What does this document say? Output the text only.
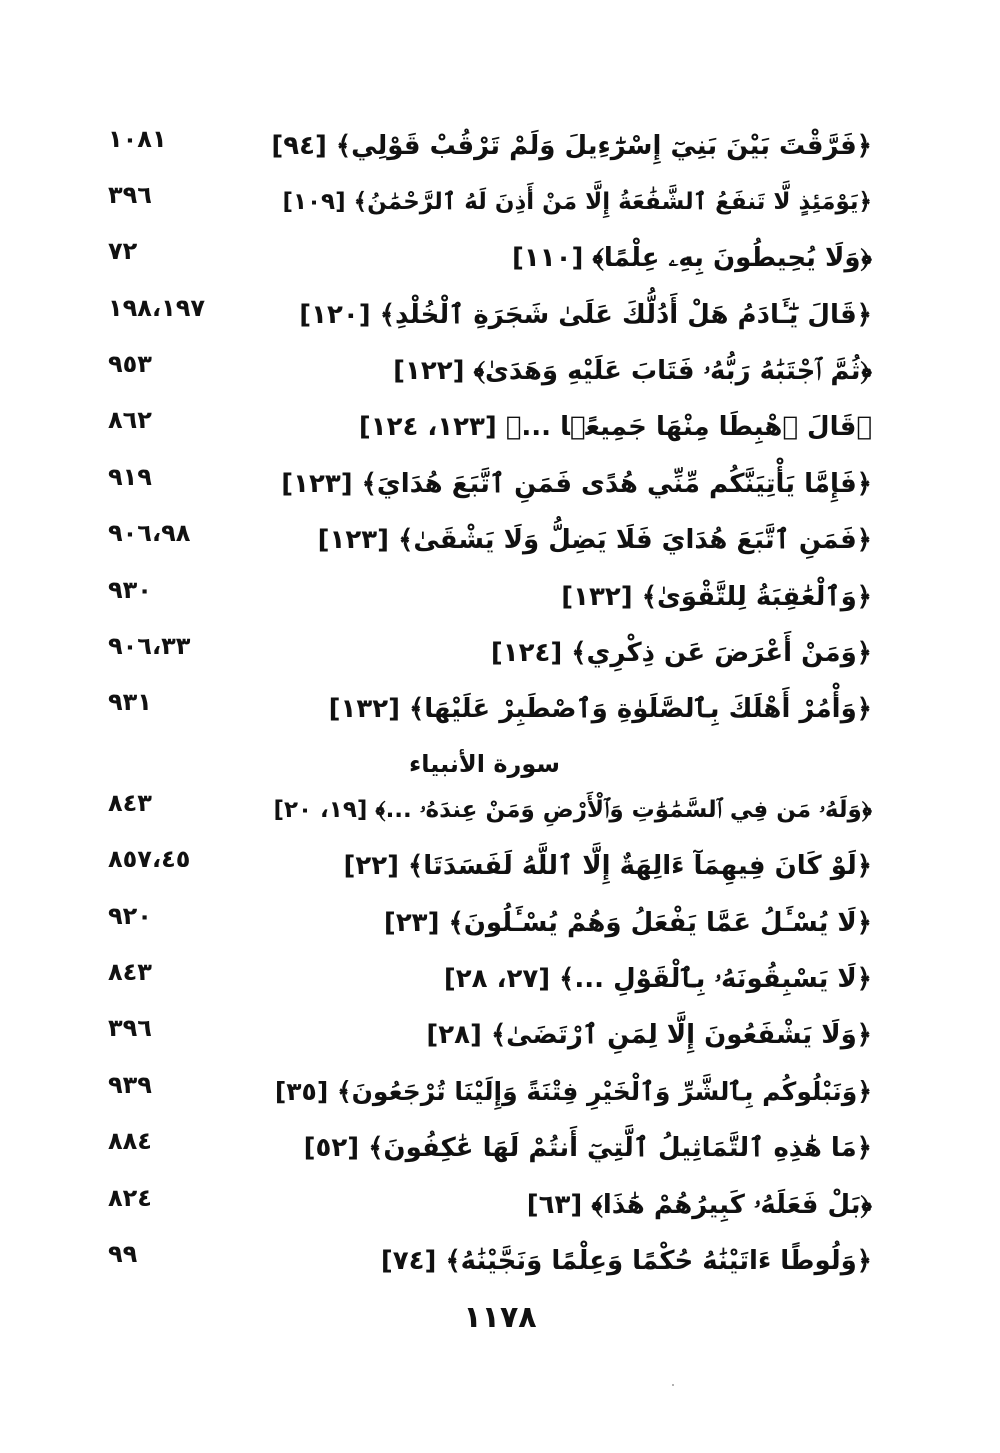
﴿فَرَّقْتَ بَيْنَ بَنِيٓ إِسْرَٰٓءِيلَ وَلَمْ تَرْقُبْ قَوْلِي﴾ [٩٤]
١٠٨١
﴿يَوْمَئِذٍ لَّا تَنفَعُ ٱلشَّفَٰعَةُ إِلَّا مَنْ أَذِنَ لَهُ ٱلرَّحْمَٰنُ﴾ [١٠٩]
٣٩٦
﴿وَلَا يُحِيطُونَ بِهِۦ عِلْمًا﴾ [١١٠]
٧٢
﴿قَالَ يَٰٓـَٔادَمُ هَلْ أَدُلُّكَ عَلَىٰ شَجَرَةِ ٱلْخُلْدِ﴾ [١٢٠]
١٩٨،١٩٧
﴿ثُمَّ ٱجْتَبَٰهُ رَبُّهُۥ فَتَابَ عَلَيْهِ وَهَدَىٰ﴾ [١٢٢]
٩٥٣
﴿قَالَ ٱهْبِطَا مِنْهَا جَمِيعًۢا ...﴾ [١٢٣، ١٢٤]
٨٦٢
﴿فَإِمَّا يَأْتِيَنَّكُم مِّنِّي هُدًى فَمَنِ ٱتَّبَعَ هُدَايَ﴾ [١٢٣]
٩١٩
﴿فَمَنِ ٱتَّبَعَ هُدَايَ فَلَا يَضِلُّ وَلَا يَشْقَىٰ﴾ [١٢٣]
٩٠٦،٩٨
﴿وَٱلْعَٰقِبَةُ لِلتَّقْوَىٰ﴾ [١٣٢]
٩٣٠
﴿وَمَنْ أَعْرَضَ عَن ذِكْرِي﴾ [١٢٤]
٩٠٦،٣٣
﴿وَأْمُرْ أَهْلَكَ بِٱلصَّلَوٰةِ وَٱصْطَبِرْ عَلَيْهَا﴾ [١٣٢]
٩٣١
سورة الأنبياء
﴿وَلَهُۥ مَن فِي ٱلسَّمَٰوَٰتِ وَٱلْأَرْضِ وَمَنْ عِندَهُۥ ...﴾ [١٩، ٢٠]
٨٤٣
﴿لَوْ كَانَ فِيهِمَآ ءَالِهَةٌ إِلَّا ٱللَّهُ لَفَسَدَتَا﴾ [٢٢]
٨٥٧،٤٥
﴿لَا يُسْـَٔلُ عَمَّا يَفْعَلُ وَهُمْ يُسْـَٔلُونَ﴾ [٢٣]
٩٢٠
﴿لَا يَسْبِقُونَهُۥ بِٱلْقَوْلِ ...﴾ [٢٧، ٢٨]
٨٤٣
﴿وَلَا يَشْفَعُونَ إِلَّا لِمَنِ ٱرْتَضَىٰ﴾ [٢٨]
٣٩٦
﴿وَنَبْلُوكُم بِٱلشَّرِّ وَٱلْخَيْرِ فِتْنَةً وَإِلَيْنَا تُرْجَعُونَ﴾ [٣٥]
٩٣٩
﴿مَا هَٰذِهِ ٱلتَّمَاثِيلُ ٱلَّتِيٓ أَنتُمْ لَهَا عَٰكِفُونَ﴾ [٥٢]
٨٨٤
﴿بَلْ فَعَلَهُۥ كَبِيرُهُمْ هَٰذَا﴾ [٦٣]
٨٢٤
﴿وَلُوطًا ءَاتَيْنَٰهُ حُكْمًا وَعِلْمًا وَنَجَّيْنَٰهُ﴾ [٧٤]
٩٩
١١٧٨
